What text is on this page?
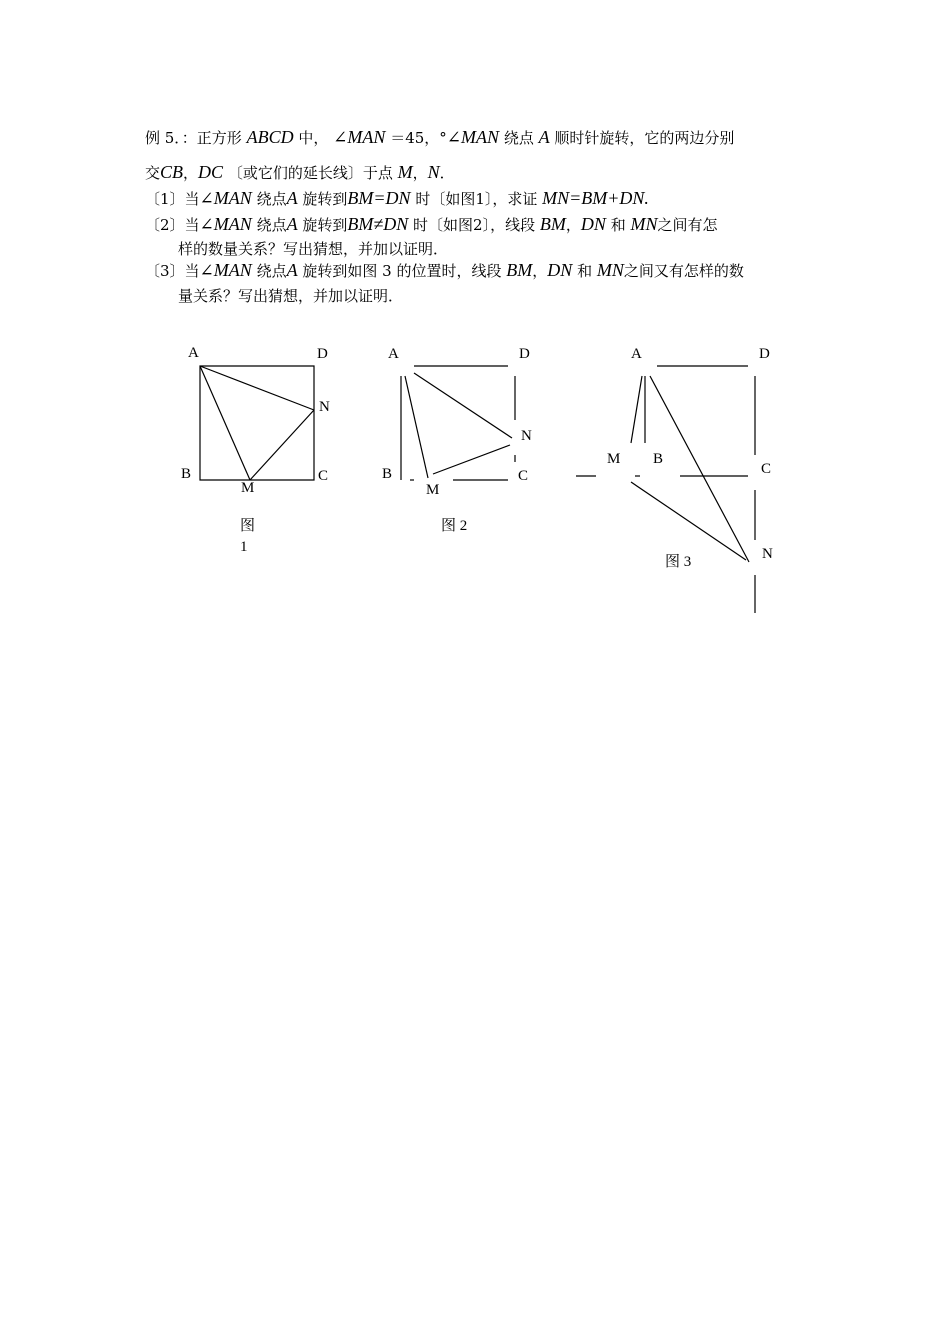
例 5．：正方形 ABCD 中， ∠MAN ＝45，°∠MAN 绕点 A 顺时针旋转，它的两边分别
交CB，DC 〔或它们的延长线〕于点 M，N．
〔1〕当∠MAN 绕点A 旋转到BM=DN 时〔如图1〕，求证 MN=BM+DN.
〔2〕当∠MAN 绕点A 旋转到BM≠DN 时〔如图2〕，线段 BM，DN 和 MN之间有怎
样的数量关系？写出猜想，并加以证明．
〔3〕当∠MAN 绕点A 旋转到如图 3 的位置时，线段 BM，DN 和 MN之间又有怎样的数
量关系？写出猜想，并加以证明．
A	D
N
B	C
M
图
1
A	D
N
B	C
M
图 2
A	D
M B
C
N
图 3
